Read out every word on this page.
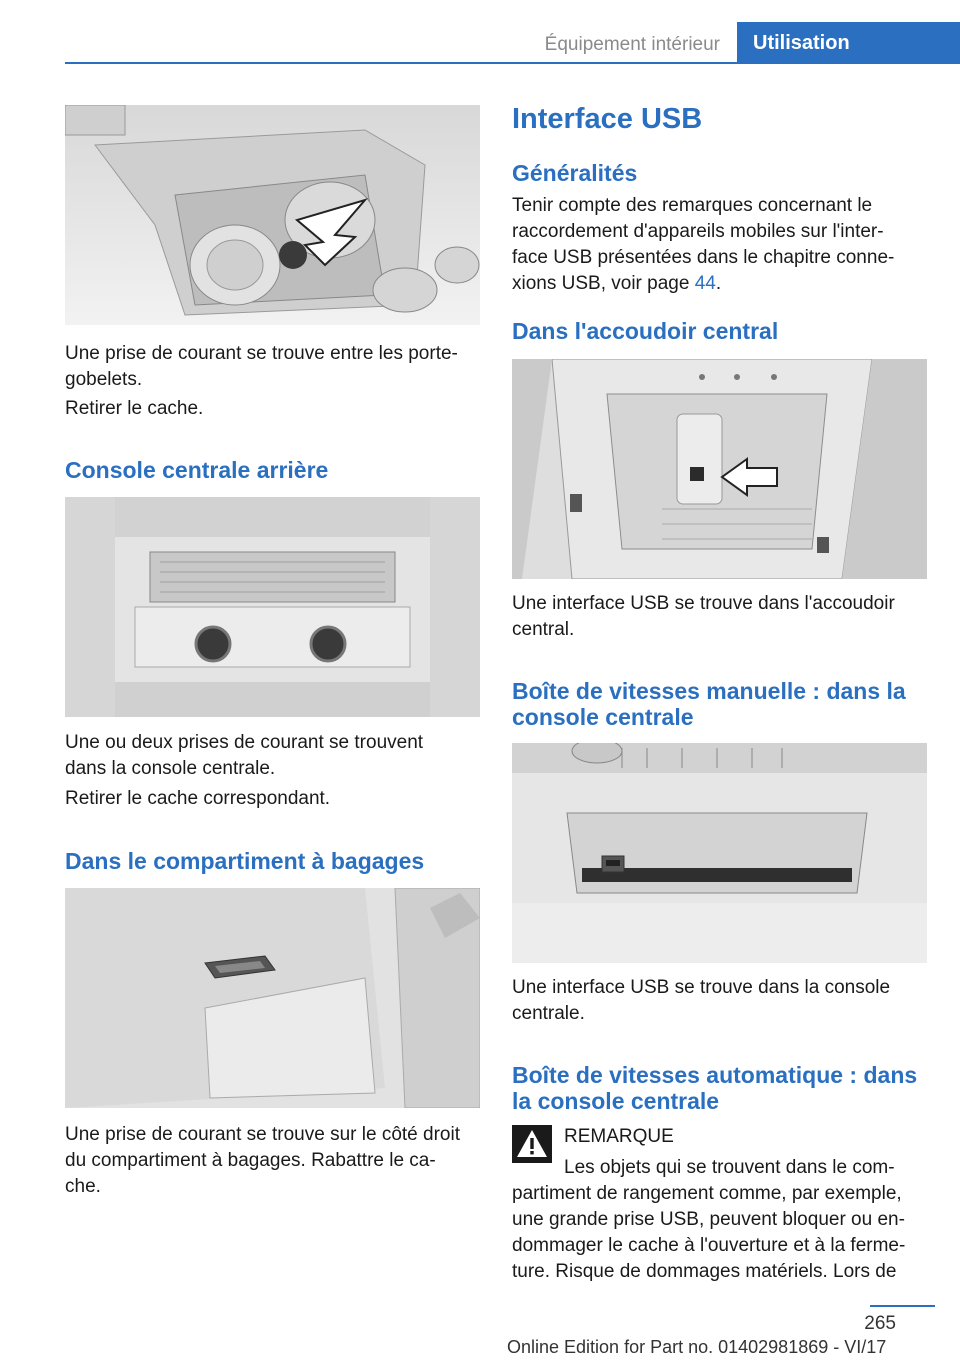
Équipement intérieur	Utilisation
Une prise de courant se trouve entre les porte-
gobelets.
Retirer le cache.
Console centrale arrière
Une ou deux prises de courant se trouvent
dans la console centrale.
Retirer le cache correspondant.
Dans le compartiment à bagages
Une prise de courant se trouve sur le côté droit
du compartiment à bagages. Rabattre le ca-
che.
Interface USB
Généralités
Tenir compte des remarques concernant le
raccordement d'appareils mobiles sur l'inter-
face USB présentées dans le chapitre conne-
xions USB, voir page 44.
Dans l'accoudoir central
Une interface USB se trouve dans l'accoudoir
central.
Boîte de vitesses manuelle : dans la
console centrale
Une interface USB se trouve dans la console
centrale.
Boîte de vitesses automatique : dans
la console centrale
REMARQUE
Les objets qui se trouvent dans le com-
partiment de rangement comme, par exemple,
une grande prise USB, peuvent bloquer ou en-
dommager le cache à l'ouverture et à la ferme-
ture. Risque de dommages matériels. Lors de
265
Online Edition for Part no. 01402981869 - VI/17
